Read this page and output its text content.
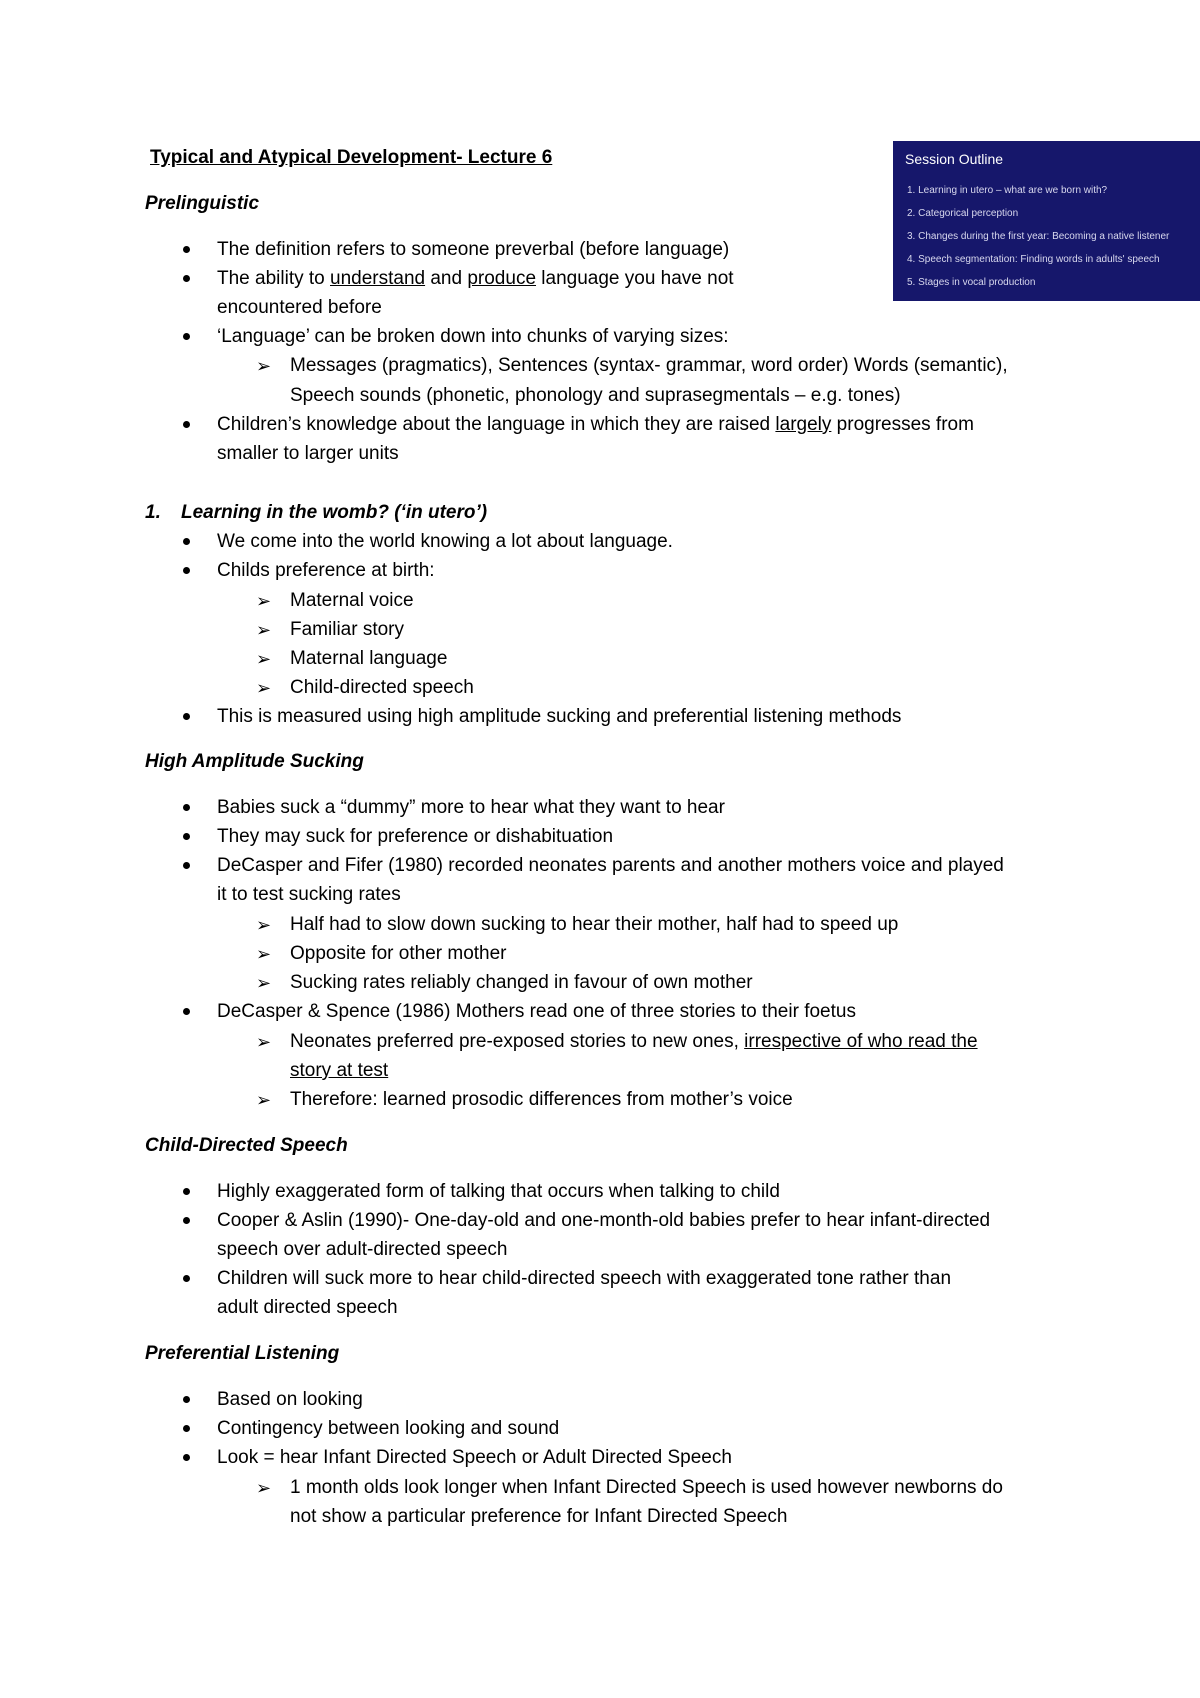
Typical and Atypical Development- Lecture 6	Session Outline
1. Learning in utero – what are we born with?
2. Categorical perception
3. Changes during the first year: Becoming a native listener
4. Speech segmentation: Finding words in adults' speech
5. Stages in vocal production
Prelinguistic
The definition refers to someone preverbal (before language)
The ability to understand and produce language you have not
encountered before
‘Language’ can be broken down into chunks of varying sizes:
➢ Messages (pragmatics), Sentences (syntax- grammar, word order) Words (semantic),
Speech sounds (phonetic, phonology and suprasegmentals – e.g. tones)
Children’s knowledge about the language in which they are raised largely progresses from
smaller to larger units
1. Learning in the womb? (‘in utero’)
We come into the world knowing a lot about language.
Childs preference at birth:
➢ Maternal voice
➢ Familiar story
➢ Maternal language
➢ Child-directed speech
This is measured using high amplitude sucking and preferential listening methods
High Amplitude Sucking
Babies suck a “dummy” more to hear what they want to hear
They may suck for preference or dishabituation
DeCasper and Fifer (1980) recorded neonates parents and another mothers voice and played
it to test sucking rates
➢ Half had to slow down sucking to hear their mother, half had to speed up
➢ Opposite for other mother
➢ Sucking rates reliably changed in favour of own mother
DeCasper & Spence (1986) Mothers read one of three stories to their foetus
➢ Neonates preferred pre-exposed stories to new ones, irrespective of who read the
story at test
➢ Therefore: learned prosodic differences from mother’s voice
Child-Directed Speech
Highly exaggerated form of talking that occurs when talking to child
Cooper & Aslin (1990)- One-day-old and one-month-old babies prefer to hear infant-directed
speech over adult-directed speech
Children will suck more to hear child-directed speech with exaggerated tone rather than
adult directed speech
Preferential Listening
Based on looking
Contingency between looking and sound
Look = hear Infant Directed Speech or Adult Directed Speech
➢ 1 month olds look longer when Infant Directed Speech is used however newborns do
not show a particular preference for Infant Directed Speech
